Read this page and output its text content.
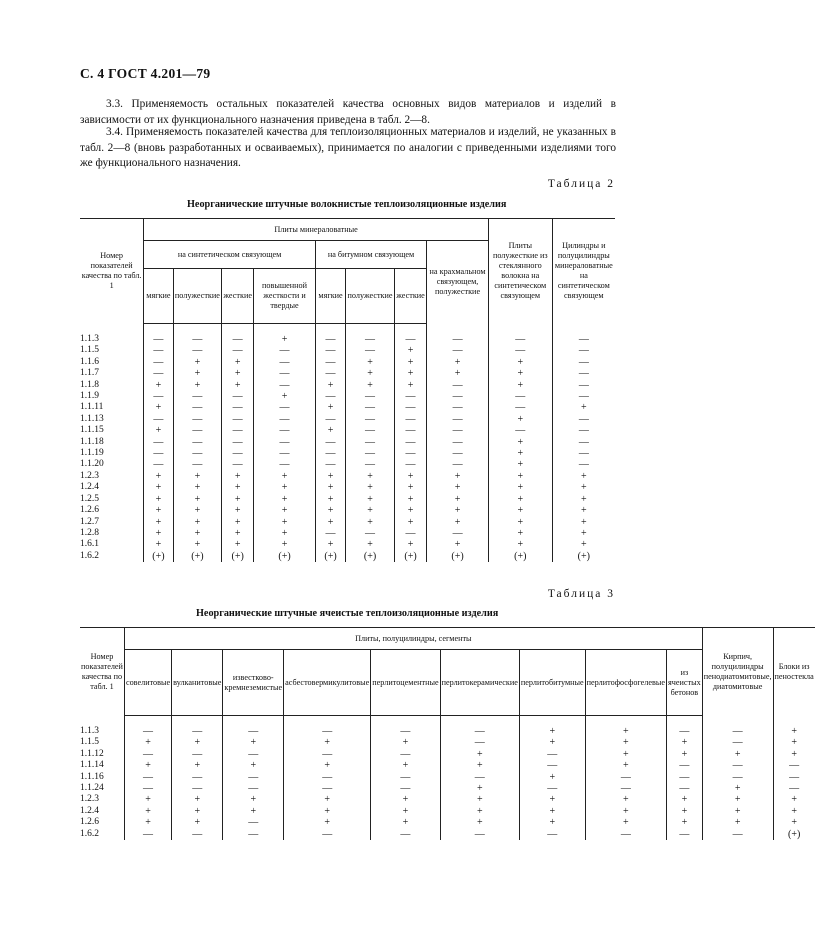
С. 4 ГОСТ 4.201—79
3.3. Применяемость остальных показателей качества основных видов материалов и изделий в зависимости от их функционального назначения приведена в табл. 2—8.
3.4. Применяемость показателей качества для теплоизоляционных материалов и изделий, не указанных в табл. 2—8 (вновь разработанных и осваиваемых), принимается по аналогии с приведенными изделиями того же функционального назначения.
Таблица 2
Неорганические штучные волокнистые теплоизоляционные изделия
Номер показателей качества по табл. 1	Плиты минераловатные								Плиты полужесткие из стеклянного волокна на синтетическом связующем	Цилиндры и полуцилиндры минераловатные на синтетическом связующем
	на синтетическом связующем				на битумном связующем			на крахмальном связующем, полужесткие		
	мягкие	полужесткие	жесткие	повышенной жесткости и твердые	мягкие	полужесткие	жесткие			

1.1.3	—	—	—	+	—	—	—	—	—	—
1.1.5	—	—	—	—	—	—	+	—	—	—
1.1.6	—	+	+	—	—	+	+	+	+	—
1.1.7	—	+	+	—	—	+	+	+	+	—
1.1.8	+	+	+	—	+	+	+	—	+	—
1.1.9	—	—	—	+	—	—	—	—	—	—
1.1.11	+	—	—	—	+	—	—	—	—	+
1.1.13	—	—	—	—	—	—	—	—	+	—
1.1.15	+	—	—	—	+	—	—	—	—	—
1.1.18	—	—	—	—	—	—	—	—	+	—
1.1.19	—	—	—	—	—	—	—	—	+	—
1.1.20	—	—	—	—	—	—	—	—	+	—
1.2.3	+	+	+	+	+	+	+	+	+	+
1.2.4	+	+	+	+	+	+	+	+	+	+
1.2.5	+	+	+	+	+	+	+	+	+	+
1.2.6	+	+	+	+	+	+	+	+	+	+
1.2.7	+	+	+	+	+	+	+	+	+	+
1.2.8	+	+	+	+	—	—	—	—	+	+
1.6.1	+	+	+	+	+	+	+	+	+	+
1.6.2	(+)	(+)	(+)	(+)	(+)	(+)	(+)	(+)	(+)	(+)
Таблица 3
Неорганические штучные ячеистые теплоизоляционные изделия
Номер показателей качества по табл. 1	Плиты, полуцилиндры, сегменты									Кирпич, полуцилиндры пенодиатомитовые, диатомитовые	Блоки из пеностекла
	совелитовые	вулканитовые	известково-кремнеземистые	асбестовермикулитовые	перлитоцементные	перлитокерамические	перлитобитумные	перлитофосфогелевые	из ячеистых бетонов		

1.1.3	—	—	—	—	—	—	+	+	—	—	+
1.1.5	+	+	+	+	+	—	+	+	+	—	+
1.1.12	—	—	—	—	—	+	—	+	+	+	+
1.1.14	+	+	+	+	+	+	—	+	—	—	—
1.1.16	—	—	—	—	—	—	+	—	—	—	—
1.1.24	—	—	—	—	—	+	—	—	—	+	—
1.2.3	+	+	+	+	+	+	+	+	+	+	+
1.2.4	+	+	+	+	+	+	+	+	+	+	+
1.2.6	+	+	—	+	+	+	+	+	+	+	+
1.6.2	—	—	—	—	—	—	—	—	—	—	(+)
